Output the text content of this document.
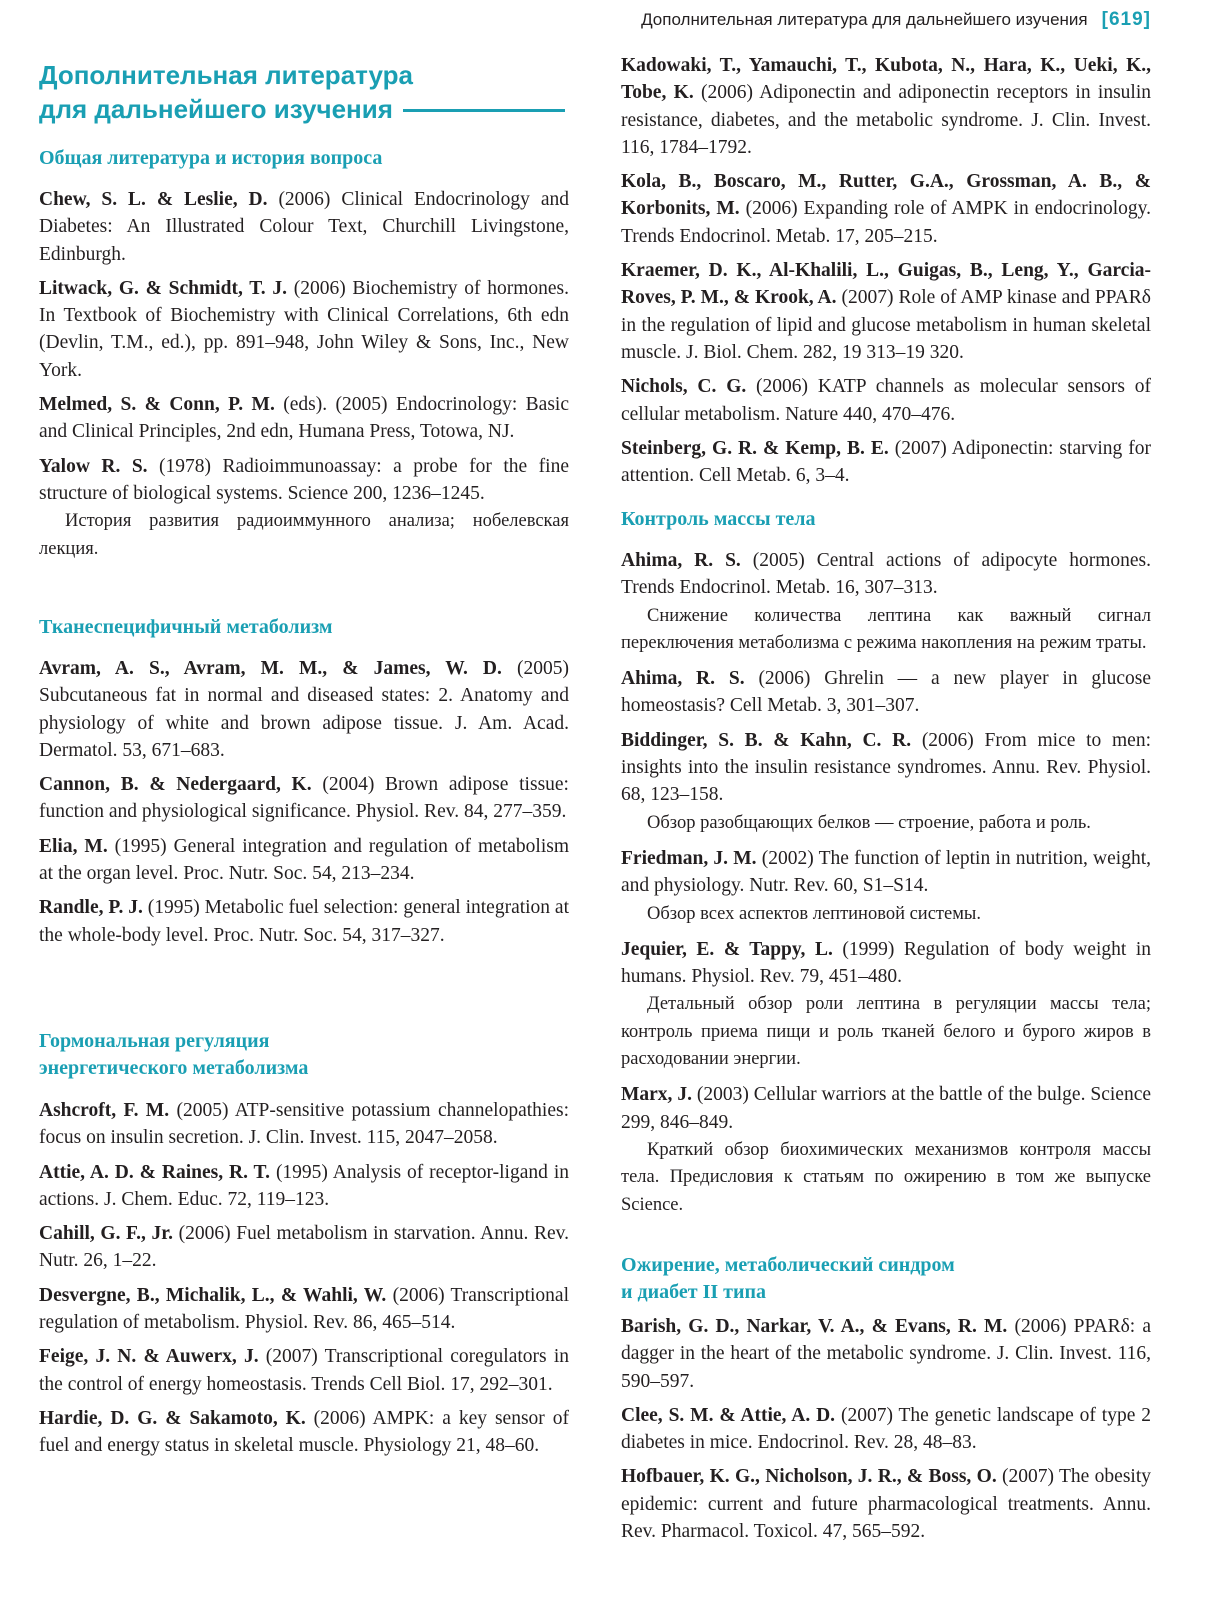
Дополнительная литература для дальнейшего изучения [619]
Дополнительная литература
для дальнейшего изучения
Общая литература и история вопроса

Chew, S. L. & Leslie, D. (2006) Clinical Endocrinology and Diabetes: An Illustrated Colour Text, Churchill Livingstone, Edinburgh.

Litwack, G. & Schmidt, T. J. (2006) Biochemistry of hormones. In Textbook of Biochemistry with Clinical Correlations, 6th edn (Devlin, T.M., ed.), pp. 891–948, John Wiley & Sons, Inc., New York.

Melmed, S. & Conn, P. M. (eds). (2005) Endocrinology: Basic and Clinical Principles, 2nd edn, Humana Press, Totowa, NJ.

Yalow R. S. (1978) Radioimmunoassay: a probe for the fine structure of biological systems. Science 200, 1236–1245.

История развития радиоиммунного анализа; нобелевская лекция.

Тканеспецифичный метаболизм

Avram, A. S., Avram, M. M., & James, W. D. (2005) Subcutaneous fat in normal and diseased states: 2. Anatomy and physiology of white and brown adipose tissue. J. Am. Acad. Dermatol. 53, 671–683.

Cannon, B. & Nedergaard, K. (2004) Brown adipose tissue: function and physiological significance. Physiol. Rev. 84, 277–359.

Elia, M. (1995) General integration and regulation of metabolism at the organ level. Proc. Nutr. Soc. 54, 213–234.

Randle, P. J. (1995) Metabolic fuel selection: general integration at the whole-body level. Proc. Nutr. Soc. 54, 317–327.

Гормональная регуляция
энергетического метаболизма

Ashcroft, F. M. (2005) ATP-sensitive potassium channelopathies: focus on insulin secretion. J. Clin. Invest. 115, 2047–2058.

Attie, A. D. & Raines, R. T. (1995) Analysis of receptor-ligand in actions. J. Chem. Educ. 72, 119–123.

Cahill, G. F., Jr. (2006) Fuel metabolism in starvation. Annu. Rev. Nutr. 26, 1–22.

Desvergne, B., Michalik, L., & Wahli, W. (2006) Transcriptional regulation of metabolism. Physiol. Rev. 86, 465–514.

Feige, J. N. & Auwerx, J. (2007) Transcriptional coregulators in the control of energy homeostasis. Trends Cell Biol. 17, 292–301.

Hardie, D. G. & Sakamoto, K. (2006) AMPK: a key sensor of fuel and energy status in skeletal muscle. Physiology 21, 48–60.

Kadowaki, T., Yamauchi, T., Kubota, N., Hara, K., Ueki, K., Tobe, K. (2006) Adiponectin and adiponectin receptors in insulin resistance, diabetes, and the metabolic syndrome. J. Clin. Invest. 116, 1784–1792.

Kola, B., Boscaro, M., Rutter, G.A., Grossman, A. B., & Korbonits, M. (2006) Expanding role of AMPK in endocrinology. Trends Endocrinol. Metab. 17, 205–215.

Kraemer, D. K., Al-Khalili, L., Guigas, B., Leng, Y., Garcia-Roves, P. M., & Krook, A. (2007) Role of AMP kinase and PPARδ in the regulation of lipid and glucose metabolism in human skeletal muscle. J. Biol. Chem. 282, 19 313–19 320.

Nichols, C. G. (2006) KATP channels as molecular sensors of cellular metabolism. Nature 440, 470–476.

Steinberg, G. R. & Kemp, B. E. (2007) Adiponectin: starving for attention. Cell Metab. 6, 3–4.

Контроль массы тела

Ahima, R. S. (2005) Central actions of adipocyte hormones. Trends Endocrinol. Metab. 16, 307–313.

Снижение количества лептина как важный сигнал переключения метаболизма с режима накопления на режим траты.

Ahima, R. S. (2006) Ghrelin — a new player in glucose homeostasis? Cell Metab. 3, 301–307.

Biddinger, S. B. & Kahn, C. R. (2006) From mice to men: insights into the insulin resistance syndromes. Annu. Rev. Physiol. 68, 123–158.

Обзор разобщающих белков — строение, работа и роль.

Friedman, J. M. (2002) The function of leptin in nutrition, weight, and physiology. Nutr. Rev. 60, S1–S14.

Обзор всех аспектов лептиновой системы.

Jequier, E. & Tappy, L. (1999) Regulation of body weight in humans. Physiol. Rev. 79, 451–480.

Детальный обзор роли лептина в регуляции массы тела; контроль приема пищи и роль тканей белого и бурого жиров в расходовании энергии.

Marx, J. (2003) Cellular warriors at the battle of the bulge. Science 299, 846–849.

Краткий обзор биохимических механизмов контроля массы тела. Предисловия к статьям по ожирению в том же выпуске Science.

Ожирение, метаболический синдром
и диабет II типа

Barish, G. D., Narkar, V. A., & Evans, R. M. (2006) PPARδ: a dagger in the heart of the metabolic syndrome. J. Clin. Invest. 116, 590–597.

Clee, S. M. & Attie, A. D. (2007) The genetic landscape of type 2 diabetes in mice. Endocrinol. Rev. 28, 48–83.

Hofbauer, K. G., Nicholson, J. R., & Boss, O. (2007) The obesity epidemic: current and future pharmacological treatments. Annu. Rev. Pharmacol. Toxicol. 47, 565–592.
